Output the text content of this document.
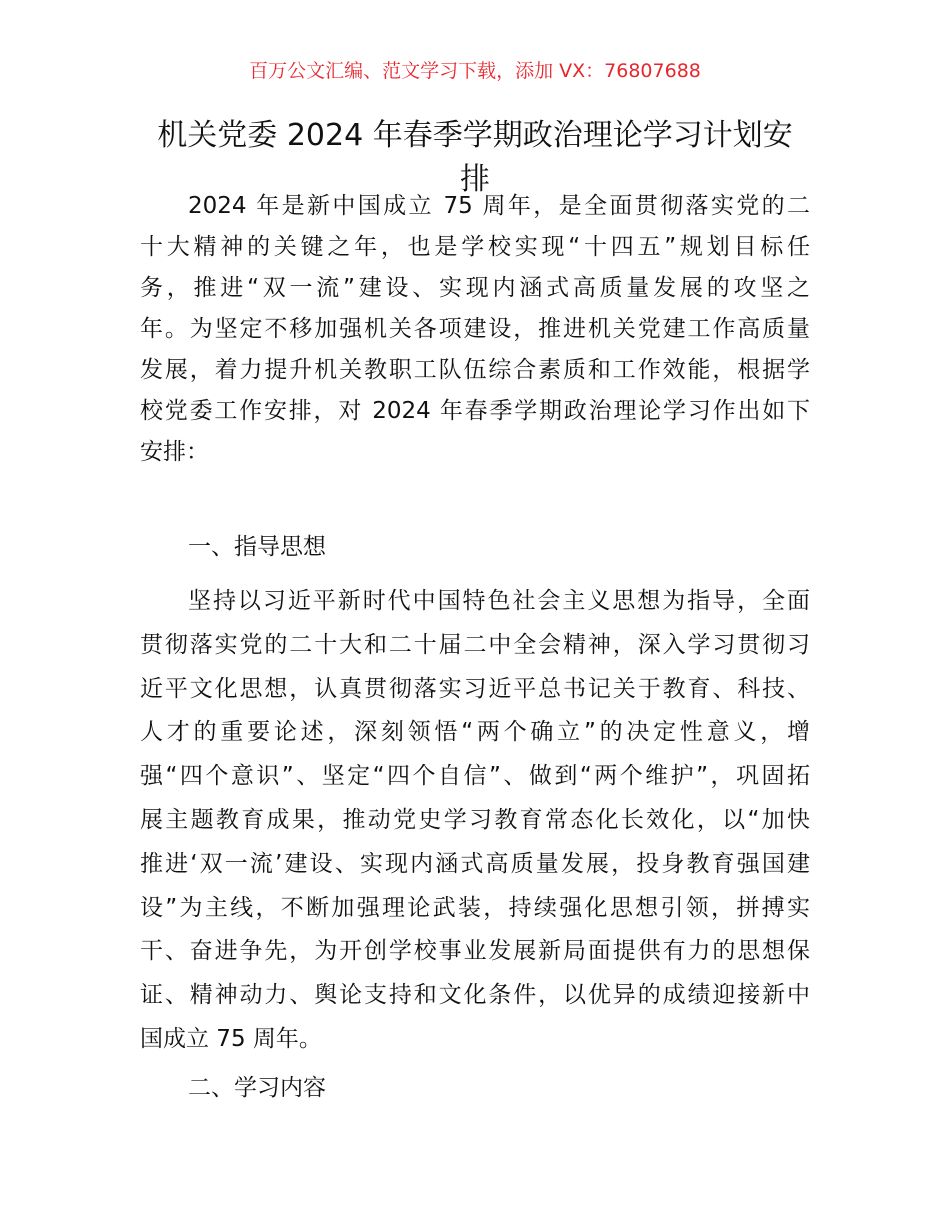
百万公文汇编、范文学习下载，添加 VX：76807688
机关党委 2024 年春季学期政治理论学习计划安
排
2024 年是新中国成立 75 周年，是全面贯彻落实党的二
十大精神的关键之年，也是学校实现“十四五”规划目标任
务，推进“双一流”建设、实现内涵式高质量发展的攻坚之
年。为坚定不移加强机关各项建设，推进机关党建工作高质量
发展，着力提升机关教职工队伍综合素质和工作效能，根据学
校党委工作安排，对 2024 年春季学期政治理论学习作出如下
安排：
一、指导思想
坚持以习近平新时代中国特色社会主义思想为指导，全面
贯彻落实党的二十大和二十届二中全会精神，深入学习贯彻习
近平文化思想，认真贯彻落实习近平总书记关于教育、科技、
人才的重要论述，深刻领悟“两个确立”的决定性意义，增
强“四个意识”、坚定“四个自信”、做到“两个维护”，巩固拓
展主题教育成果，推动党史学习教育常态化长效化，以“加快
推进‘双一流’建设、实现内涵式高质量发展，投身教育强国建
设”为主线，不断加强理论武装，持续强化思想引领，拼搏实
干、奋进争先，为开创学校事业发展新局面提供有力的思想保
证、精神动力、舆论支持和文化条件，以优异的成绩迎接新中
国成立 75 周年。
二、学习内容
